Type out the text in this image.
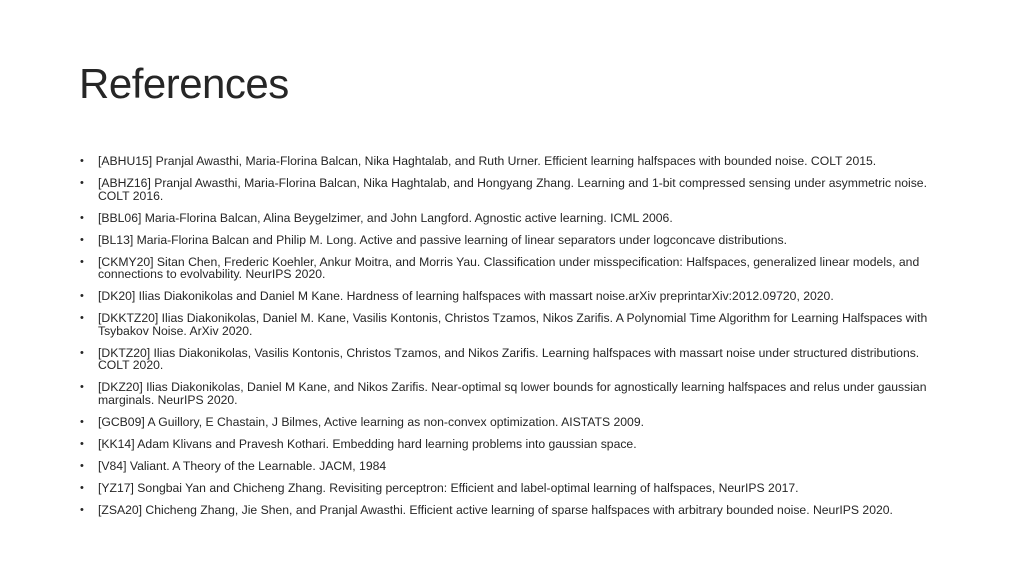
References
• [ABHU15] Pranjal Awasthi, Maria-Florina Balcan, Nika Haghtalab, and Ruth Urner. Efficient learning halfspaces with bounded noise. COLT 2015.
• [ABHZ16] Pranjal Awasthi, Maria-Florina Balcan, Nika Haghtalab, and Hongyang Zhang. Learning and 1-bit compressed sensing under asymmetric noise. COLT 2016.
• [BBL06] Maria-Florina Balcan, Alina Beygelzimer, and John Langford. Agnostic active learning. ICML 2006.
• [BL13] Maria-Florina Balcan and Philip M. Long. Active and passive learning of linear separators under logconcave distributions.
• [CKMY20] Sitan Chen, Frederic Koehler, Ankur Moitra, and Morris Yau. Classification under misspecification: Halfspaces, generalized linear models, and connections to evolvability. NeurIPS 2020.
• [DK20] Ilias Diakonikolas and Daniel M Kane. Hardness of learning halfspaces with massart noise.arXiv preprintarXiv:2012.09720, 2020.
• [DKKTZ20] Ilias Diakonikolas, Daniel M. Kane, Vasilis Kontonis, Christos Tzamos, Nikos Zarifis. A Polynomial Time Algorithm for Learning Halfspaces with Tsybakov Noise. ArXiv 2020.
• [DKTZ20] Ilias Diakonikolas, Vasilis Kontonis, Christos Tzamos, and Nikos Zarifis. Learning halfspaces with massart noise under structured distributions. COLT 2020.
• [DKZ20] Ilias Diakonikolas, Daniel M Kane, and Nikos Zarifis. Near-optimal sq lower bounds for agnostically learning halfspaces and relus under gaussian marginals. NeurIPS 2020.
• [GCB09] A Guillory, E Chastain, J Bilmes, Active learning as non-convex optimization. AISTATS 2009.
• [KK14] Adam Klivans and Pravesh Kothari. Embedding hard learning problems into gaussian space.
• [V84] Valiant. A Theory of the Learnable. JACM, 1984
• [YZ17] Songbai Yan and Chicheng Zhang. Revisiting perceptron: Efficient and label-optimal learning of halfspaces, NeurIPS 2017.
• [ZSA20] Chicheng Zhang, Jie Shen, and Pranjal Awasthi. Efficient active learning of sparse halfspaces with arbitrary bounded noise. NeurIPS 2020.
